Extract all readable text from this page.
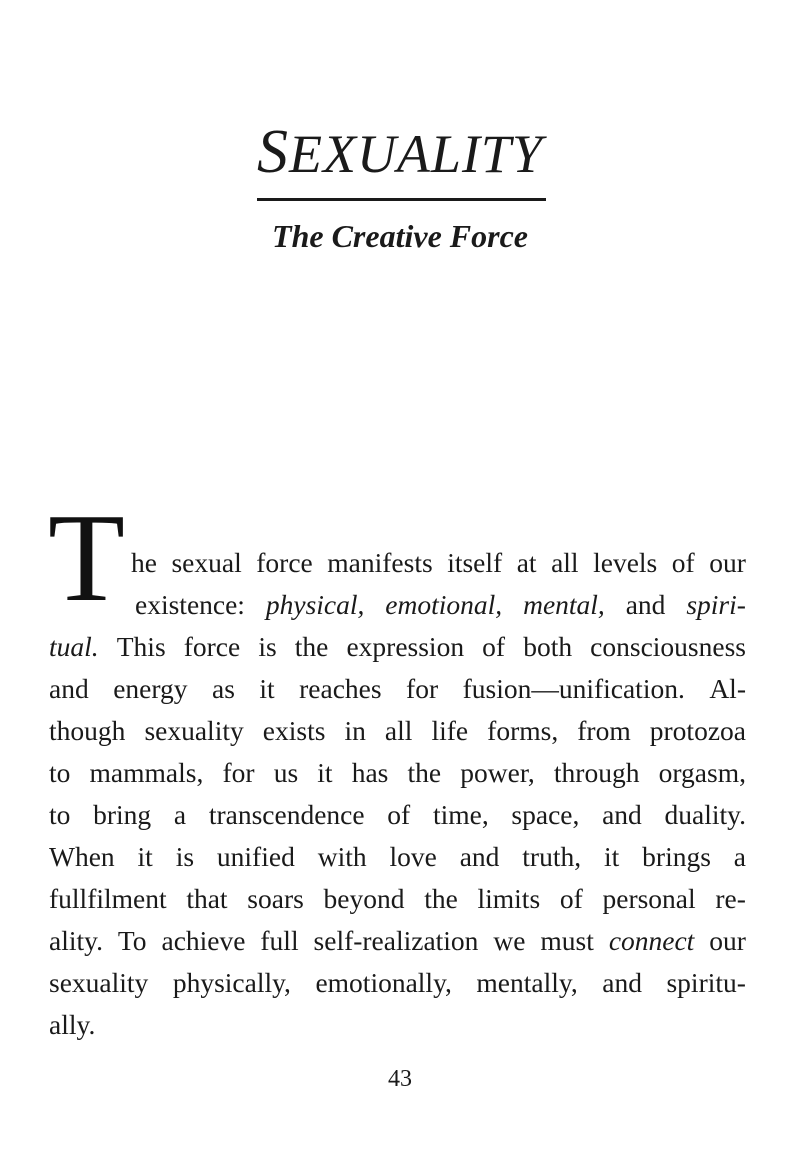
SEXUALITY
The Creative Force
T he sexual force manifests itself at all levels of our
existence: physical, emotional, mental, and spiri-
tual. This force is the expression of both consciousness
and energy as it reaches for fusion—unification. Al-
though sexuality exists in all life forms, from protozoa
to mammals, for us it has the power, through orgasm,
to bring a transcendence of time, space, and duality.
When it is unified with love and truth, it brings a
fullfilment that soars beyond the limits of personal re-
ality. To achieve full self-realization we must connect our
sexuality physically, emotionally, mentally, and spiritu-
ally.
43
